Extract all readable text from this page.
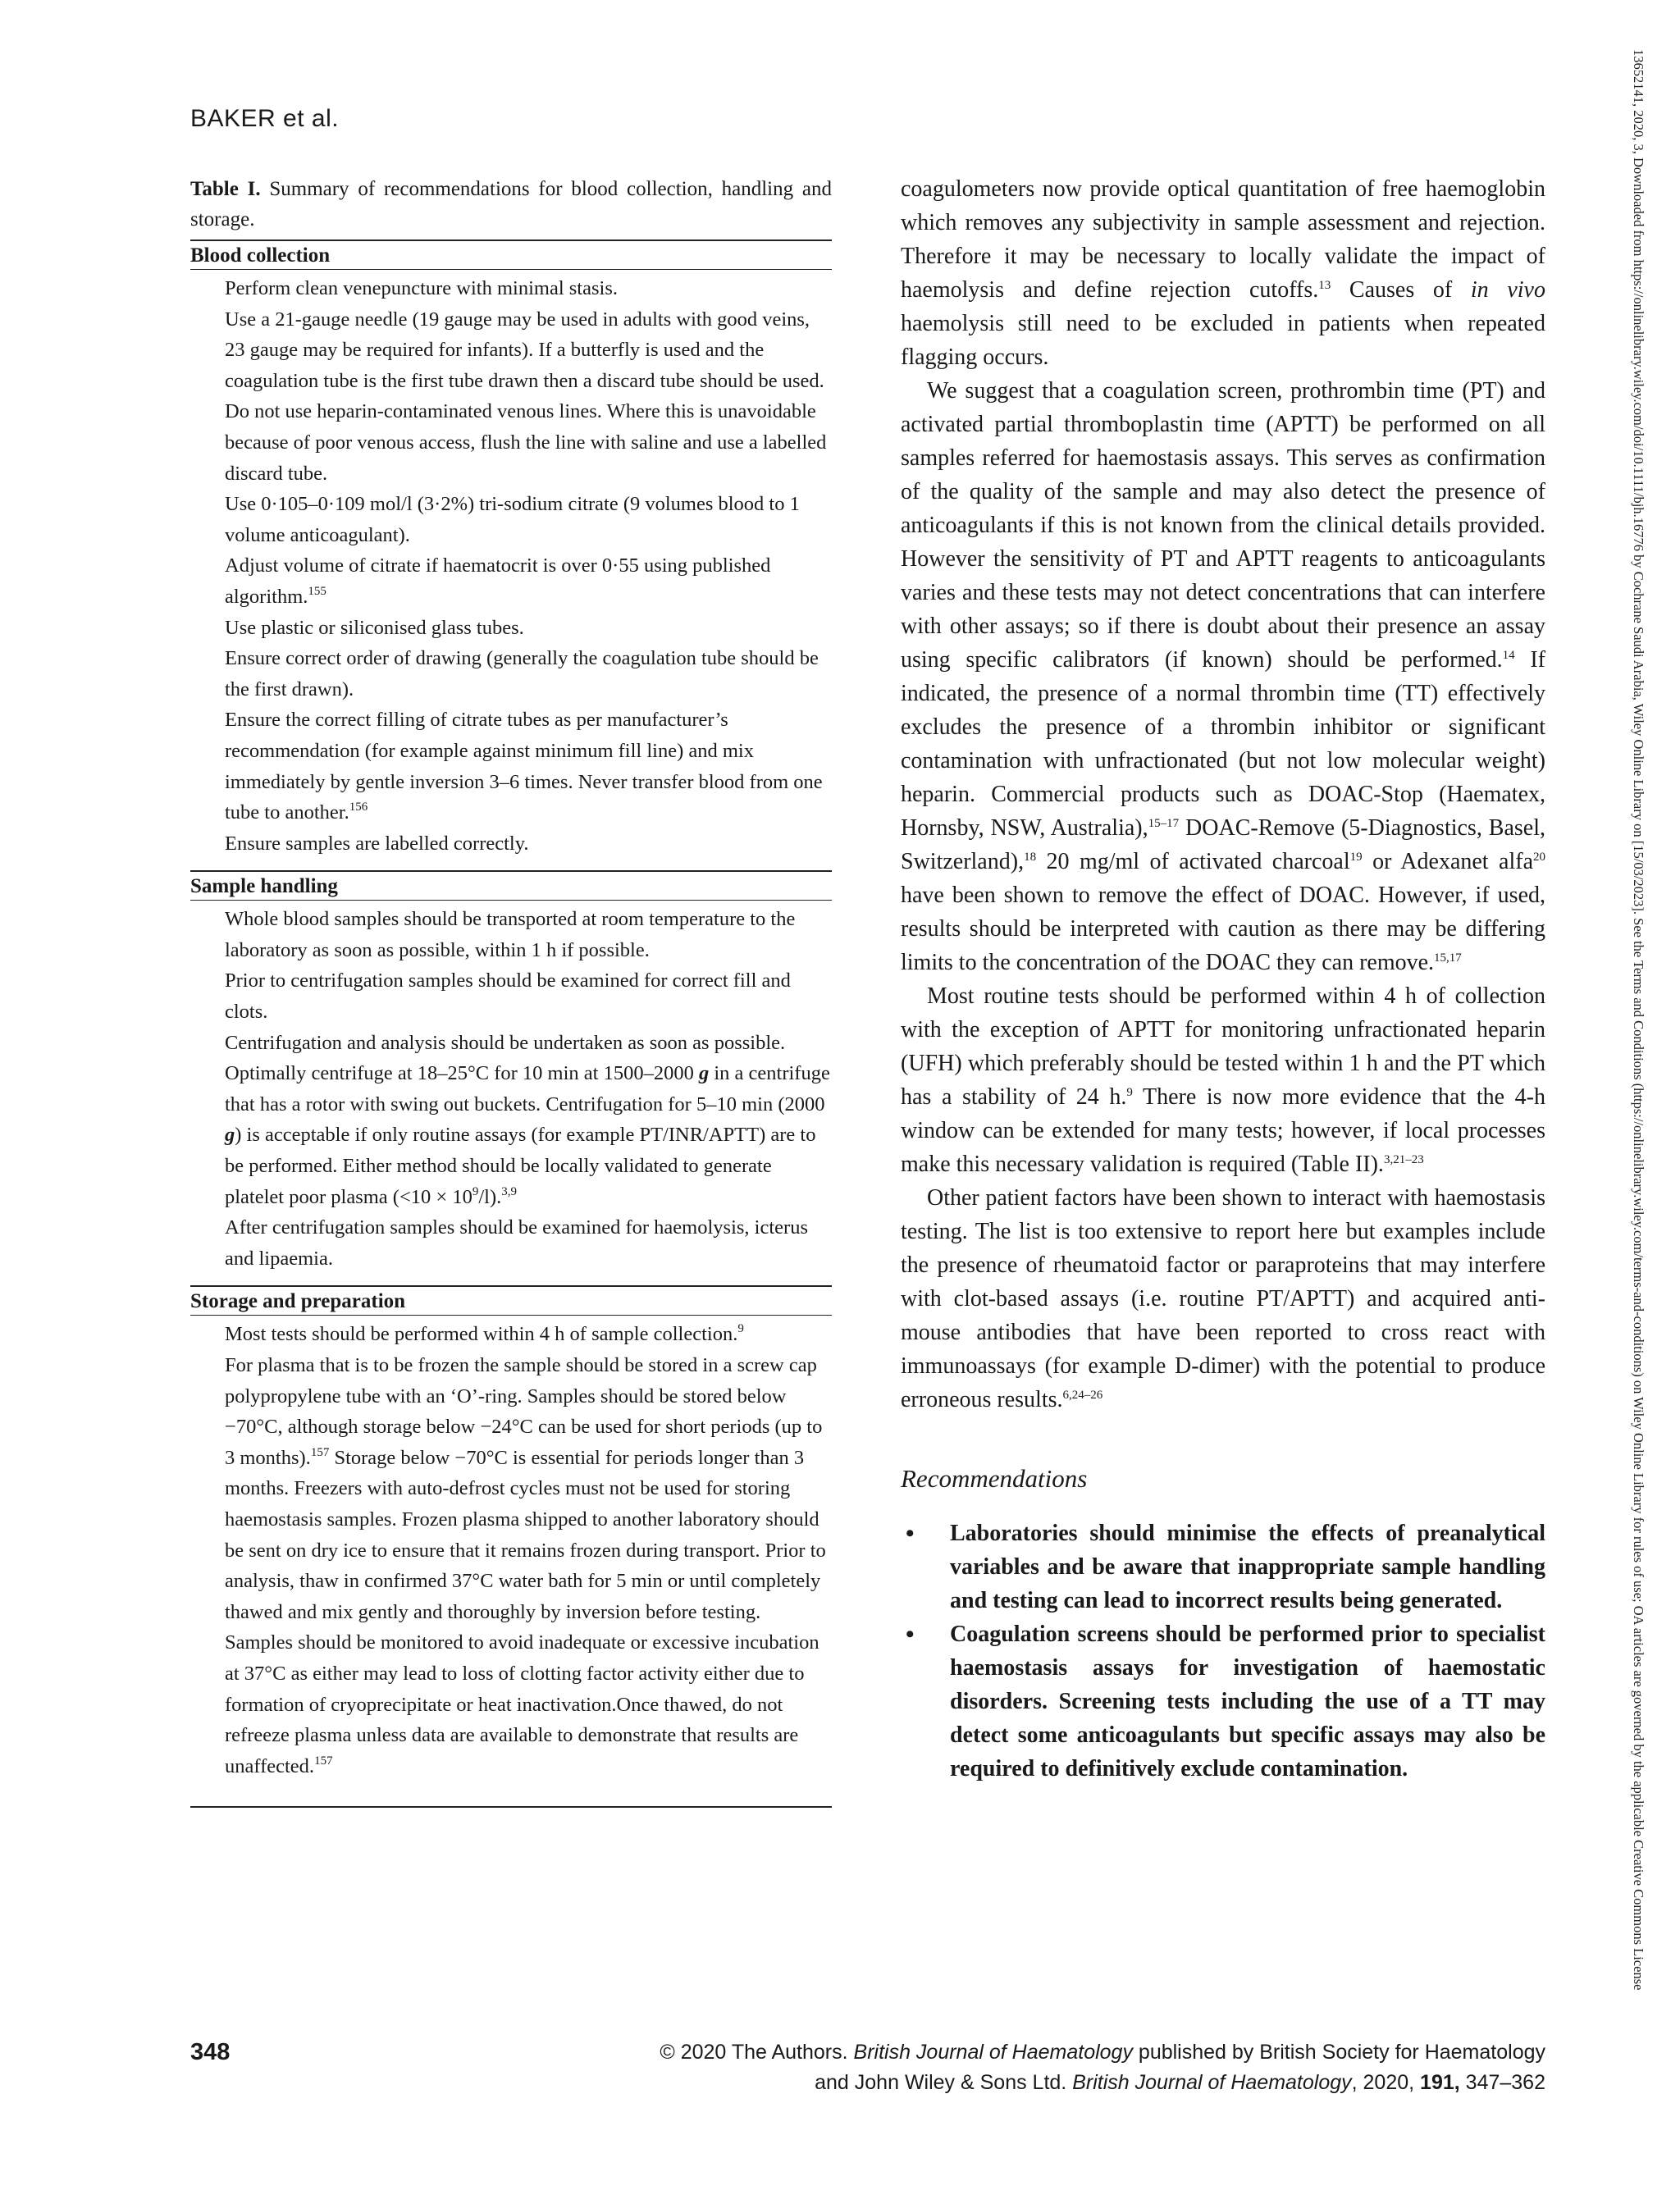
BAKER et al.	13652141, 2020, 3, Downloaded from https://onlinelibrary.wiley.com/doi/10.1111/bjh.16776 by Cochrane Saudi Arabia, Wiley Online Library on [15/03/2023]. See the Terms and Conditions (https://onlinelibrary.wiley.com/terms-and-conditions) on Wiley Online Library for rules of use; OA articles are governed by the applicable Creative Commons License

Table I. Summary of recommendations for blood collection, handling and storage.

Blood collection

Perform clean venepuncture with minimal stasis.

Use a 21-gauge needle (19 gauge may be used in adults with good veins, 23 gauge may be required for infants). If a butterfly is used and the coagulation tube is the first tube drawn then a discard tube should be used.

Do not use heparin-contaminated venous lines. Where this is unavoidable because of poor venous access, flush the line with saline and use a labelled discard tube.

Use 0·105–0·109 mol/l (3·2%) tri-sodium citrate (9 volumes blood to 1 volume anticoagulant).

Adjust volume of citrate if haematocrit is over 0·55 using published algorithm.$^{155}$

Use plastic or siliconised glass tubes.

Ensure correct order of drawing (generally the coagulation tube should be the first drawn).

Ensure the correct filling of citrate tubes as per manufacturer’s recommendation (for example against minimum fill line) and mix immediately by gentle inversion 3–6 times. Never transfer blood from one tube to another.$^{156}$

Ensure samples are labelled correctly.

Sample handling

Whole blood samples should be transported at room temperature to the laboratory as soon as possible, within 1 h if possible.

Prior to centrifugation samples should be examined for correct fill and clots.

Centrifugation and analysis should be undertaken as soon as possible. Optimally centrifuge at 18–25°C for 10 min at 1500–2000 g in a centrifuge that has a rotor with swing out buckets. Centrifugation for 5–10 min (2000 g) is acceptable if only routine assays (for example PT/INR/APTT) are to be performed. Either method should be locally validated to generate platelet poor plasma $(<10 \times 10^9/l).^{3,9}$

After centrifugation samples should be examined for haemolysis, icterus and lipaemia.

Storage and preparation

Most tests should be performed within 4 h of sample collection.$^9$

For plasma that is to be frozen the sample should be stored in a screw cap polypropylene tube with an ‘O’-ring. Samples should be stored below −70°C, although storage below −24°C can be used for short periods (up to 3 months).$^{157}$ Storage below −70°C is essential for periods longer than 3 months. Freezers with auto-defrost cycles must not be used for storing haemostasis samples. Frozen plasma shipped to another laboratory should be sent on dry ice to ensure that it remains frozen during transport. Prior to analysis, thaw in confirmed 37°C water bath for 5 min or until completely thawed and mix gently and thoroughly by inversion before testing. Samples should be monitored to avoid inadequate or excessive incubation at 37°C as either may lead to loss of clotting factor activity either due to formation of cryoprecipitate or heat inactivation.Once thawed, do not refreeze plasma unless data are available to demonstrate that results are unaffected.$^{157}$

coagulometers now provide optical quantitation of free haemoglobin which removes any subjectivity in sample assessment and rejection. Therefore it may be necessary to locally validate the impact of haemolysis and define rejection cutoffs.$^{13}$ Causes of in vivo haemolysis still need to be excluded in patients when repeated flagging occurs.

We suggest that a coagulation screen, prothrombin time (PT) and activated partial thromboplastin time (APTT) be performed on all samples referred for haemostasis assays. This serves as confirmation of the quality of the sample and may also detect the presence of anticoagulants if this is not known from the clinical details provided. However the sensitivity of PT and APTT reagents to anticoagulants varies and these tests may not detect concentrations that can interfere with other assays; so if there is doubt about their presence an assay using specific calibrators (if known) should be performed.$^{14}$ If indicated, the presence of a normal thrombin time (TT) effectively excludes the presence of a thrombin inhibitor or significant contamination with unfractionated (but not low molecular weight) heparin. Commercial products such as DOAC-Stop (Haematex, Hornsby, NSW, Australia),$^{15-17}$ DOAC-Remove (5-Diagnostics, Basel, Switzerland),$^{18}$ 20 mg/ml of activated charcoal$^{19}$ or Adexanet alfa$^{20}$ have been shown to remove the effect of DOAC. However, if used, results should be interpreted with caution as there may be differing limits to the concentration of the DOAC they can remove.$^{15,17}$

Most routine tests should be performed within 4 h of collection with the exception of APTT for monitoring unfractionated heparin (UFH) which preferably should be tested within 1 h and the PT which has a stability of 24 h.$^9$ There is now more evidence that the 4-h window can be extended for many tests; however, if local processes make this necessary validation is required (Table II).$^{3,21-23}$

Other patient factors have been shown to interact with haemostasis testing. The list is too extensive to report here but examples include the presence of rheumatoid factor or paraproteins that may interfere with clot-based assays (i.e. routine PT/APTT) and acquired anti-mouse antibodies that have been reported to cross react with immunoassays (for example D-dimer) with the potential to produce erroneous results.$^{6,24-26}$

Recommendations
• Laboratories should minimise the effects of preanalytical variables and be aware that inappropriate sample handling and testing can lead to incorrect results being generated.
• Coagulation screens should be performed prior to specialist haemostasis assays for investigation of haemostatic disorders. Screening tests including the use of a TT may detect some anticoagulants but specific assays may also be required to definitively exclude contamination.
348	© 2020 The Authors. British Journal of Haematology published by British Society for Haematology
and John Wiley & Sons Ltd. British Journal of Haematology, 2020, 191, 347–362
